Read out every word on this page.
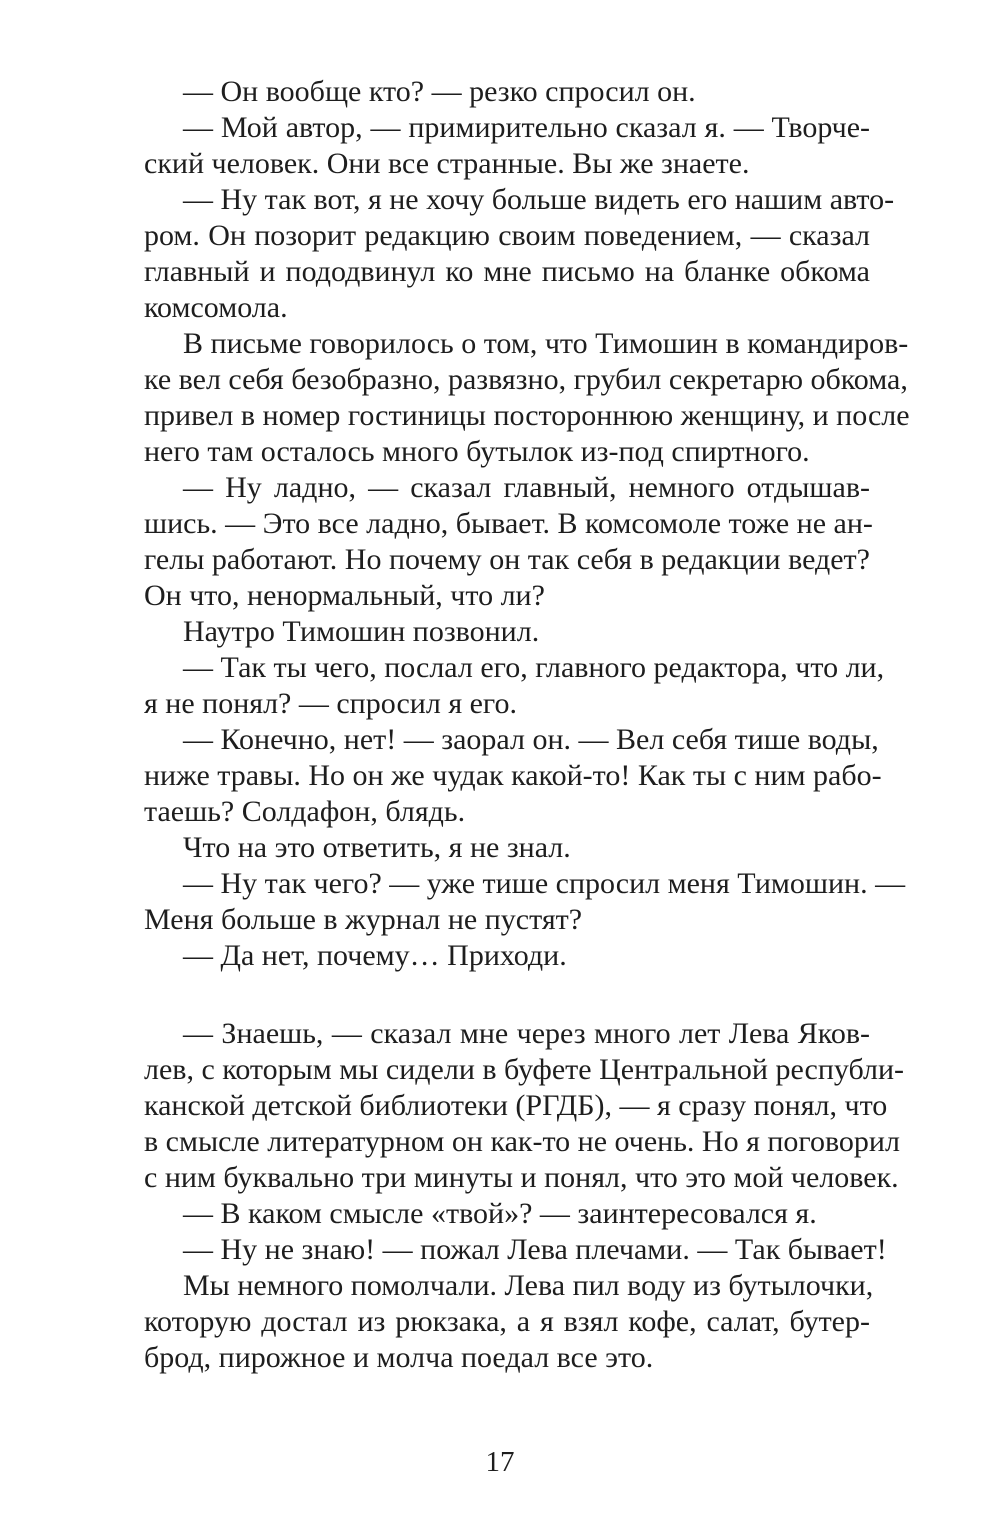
— Он вообще кто? — резко спросил он.
— Мой автор, — примирительно сказал я. — Творче-
ский человек. Они все странные. Вы же знаете.
— Ну так вот, я не хочу больше видеть его нашим авто-
ром. Он позорит редакцию своим поведением, — сказал
главный и пододвинул ко мне письмо на бланке обкома
комсомола.
В письме говорилось о том, что Тимошин в командиров-
ке вел себя безобразно, развязно, грубил секретарю обкома,
привел в номер гостиницы постороннюю женщину, и после
него там осталось много бутылок из-под спиртного.
— Ну ладно, — сказал главный, немного отдышав-
шись. — Это все ладно, бывает. В комсомоле тоже не ан-
гелы работают. Но почему он так себя в редакции ведет?
Он что, ненормальный, что ли?
Наутро Тимошин позвонил.
— Так ты чего, послал его, главного редактора, что ли,
я не понял? — спросил я его.
— Конечно, нет! — заорал он. — Вел себя тише воды,
ниже травы. Но он же чудак какой-то! Как ты с ним рабо-
таешь? Солдафон, блядь.
Что на это ответить, я не знал.
— Ну так чего? — уже тише спросил меня Тимошин. —
Меня больше в журнал не пустят?
— Да нет, почему… Приходи.
— Знаешь, — сказал мне через много лет Лева Яков-
лев, с которым мы сидели в буфете Центральной республи-
канской детской библиотеки (РГДБ), — я сразу понял, что
в смысле литературном он как-то не очень. Но я поговорил
с ним буквально три минуты и понял, что это мой человек.
— В каком смысле «твой»? — заинтересовался я.
— Ну не знаю! — пожал Лева плечами. — Так бывает!
Мы немного помолчали. Лева пил воду из бутылочки,
которую достал из рюкзака, а я взял кофе, салат, бутер-
брод, пирожное и молча поедал все это.
17
